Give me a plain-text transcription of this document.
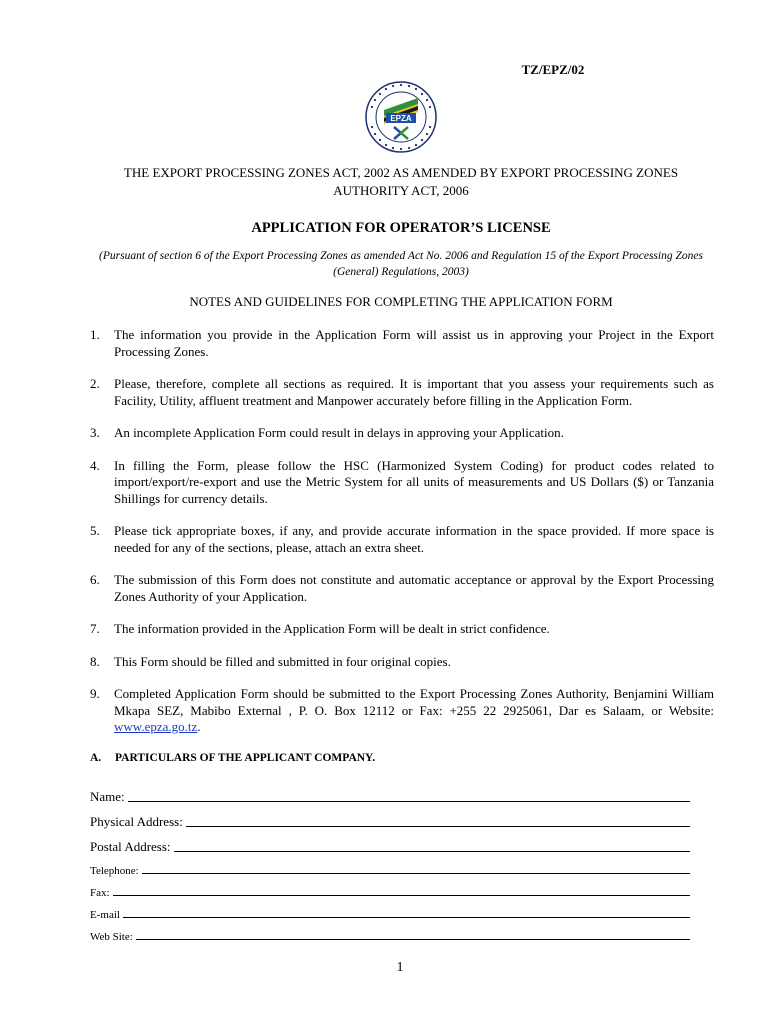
TZ/EPZ/02
EPZA
THE EXPORT PROCESSING ZONES ACT, 2002 AS AMENDED BY EXPORT PROCESSING ZONES AUTHORITY ACT, 2006
APPLICATION FOR OPERATOR’S LICENSE
(Pursuant of section 6 of the Export Processing Zones as amended Act No. 2006 and Regulation 15 of the Export Processing Zones (General) Regulations, 2003)
NOTES AND GUIDELINES FOR COMPLETING THE APPLICATION FORM
1. The information you provide in the Application Form will assist us in approving your Project in the Export Processing Zones.
2. Please, therefore, complete all sections as required. It is important that you assess your requirements such as Facility, Utility, affluent treatment and Manpower accurately before filling in the Application Form.
3. An incomplete Application Form could result in delays in approving your Application.
4. In filling the Form, please follow the HSC (Harmonized System Coding) for product codes related to import/export/re-export and use the Metric System for all units of measurements and US Dollars ($) or Tanzania Shillings for currency details.
5. Please tick appropriate boxes, if any, and provide accurate information in the space provided. If more space is needed for any of the sections, please, attach an extra sheet.
6. The submission of this Form does not constitute and automatic acceptance or approval by the Export Processing Zones Authority of your Application.
7. The information provided in the Application Form will be dealt in strict confidence.
8. This Form should be filled and submitted in four original copies.
9. Completed Application Form should be submitted to the Export Processing Zones Authority, Benjamini William Mkapa SEZ, Mabibo External , P. O. Box 12112 or Fax: +255 22 2925061, Dar es Salaam, or Website: www.epza.go.tz.
A. PARTICULARS OF THE APPLICANT COMPANY.
Name:
Physical Address:
Postal Address:
Telephone:
Fax:
E-mail
Web Site:
1
